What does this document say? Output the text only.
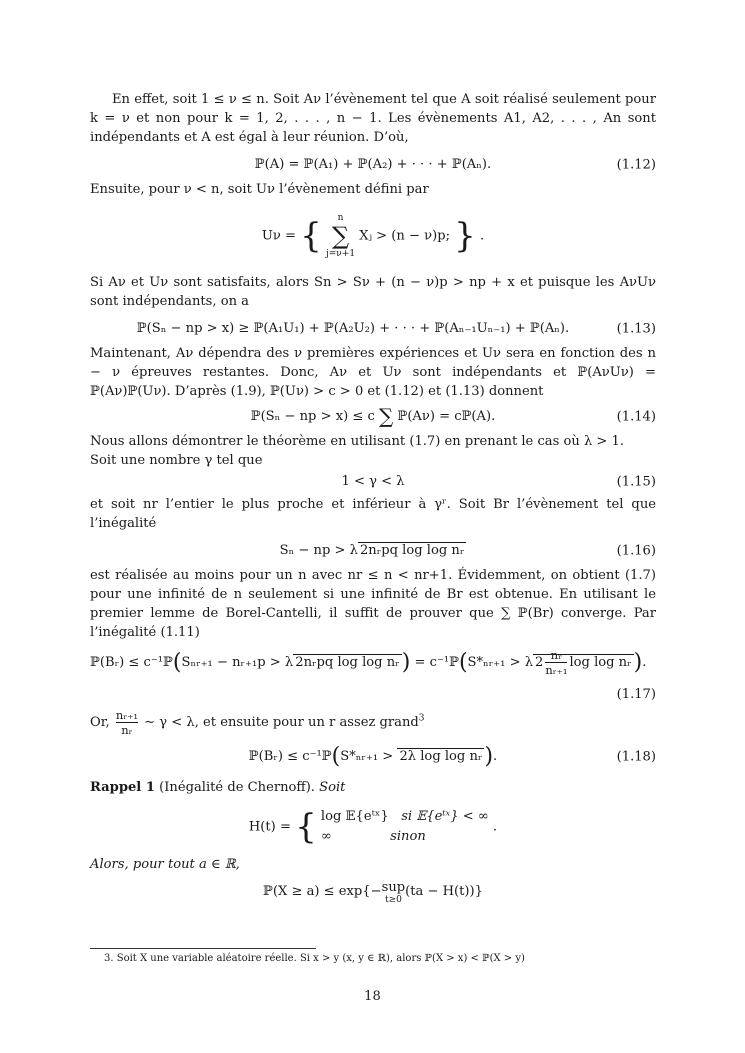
En effet, soit 1 ≤ ν ≤ n. Soit Aν l’évènement tel que A soit réalisé seulement pour k = ν et non pour k = 1, 2, . . . , n − 1. Les évènements A1, A2, . . . , An sont indépendants et A est égal à leur réunion. D’où,

ℙ(A) = ℙ(A₁) + ℙ(A₂) + · · · + ℙ(Aₙ).	(1.12)

Ensuite, pour ν < n, soit Uν l’évènement défini par

Uν = {	n
∑
j=ν+1
Xⱼ > (n − ν)p; } .

Si Aν et Uν sont satisfaits, alors Sn > Sν + (n − ν)p > np + x et puisque les AνUν sont indépendants, on a

ℙ(Sₙ − np > x) ≥ ℙ(A₁U₁) + ℙ(A₂U₂) + · · · + ℙ(Aₙ₋₁Uₙ₋₁) + ℙ(Aₙ).	(1.13)

Maintenant, Aν dépendra des ν premières expériences et Uν sera en fonction des n − ν épreuves restantes. Donc, Aν et Uν sont indépendants et ℙ(AνUν) = ℙ(Aν)ℙ(Uν). D’après (1.9), ℙ(Uν) > c > 0 et (1.12) et (1.13) donnent

ℙ(Sₙ − np > x) ≤ c ∑ ℙ(Aν) = cℙ(A).	(1.14)

Nous allons démontrer le théorème en utilisant (1.7) en prenant le cas où λ > 1.

Soit une nombre γ tel que

1 < γ < λ	(1.15)

et soit nr l’entier le plus proche et inférieur à γʳ. Soit Br l’évènement tel que l’inégalité

Sₙ − np > λ 2nᵣpq log log nᵣ	(1.16)

est réalisée au moins pour un n avec nr ≤ n < nr+1. Évidemment, on obtient (1.7) pour une infinité de n seulement si une infinité de Br est obtenue. En utilisant le premier lemme de Borel-Cantelli, il suffit de prouver que ∑ ℙ(Br) converge. Par l’inégalité (1.11)

ℙ(Bᵣ) ≤ c⁻¹ℙ(Sₙᵣ₊₁ − nᵣ₊₁p > λ 2nᵣpq log log nᵣ) = c⁻¹ℙ(S*ₙᵣ₊₁ > λ $2 \frac{\text{nᵣ}}{\text{nᵣ₊₁}}$ log log nᵣ).
(1.17)

Or, $\frac{\text{nᵣ₊₁}}{\text{nᵣ}}$ ∼ γ < λ, et ensuite pour un r assez grand$^3$

ℙ(Bᵣ) ≤ c⁻¹ℙ(S*ₙᵣ₊₁ > 2λ log log nᵣ).	(1.18)

Rappel 1 (Inégalité de Chernoff). Soit

H(t) = { log 𝔼{eᵗˣ} si 𝔼{eᵗˣ} < ∞
∞	sinon
.

Alors, pour tout a ∈ ℝ,

ℙ(X ≥ a) ≤ exp{−sup
t≥0
(ta − H(t))}
3. Soit X une variable aléatoire réelle. Si x > y (x, y ∈ ℝ), alors ℙ(X > x) < ℙ(X > y)
18
